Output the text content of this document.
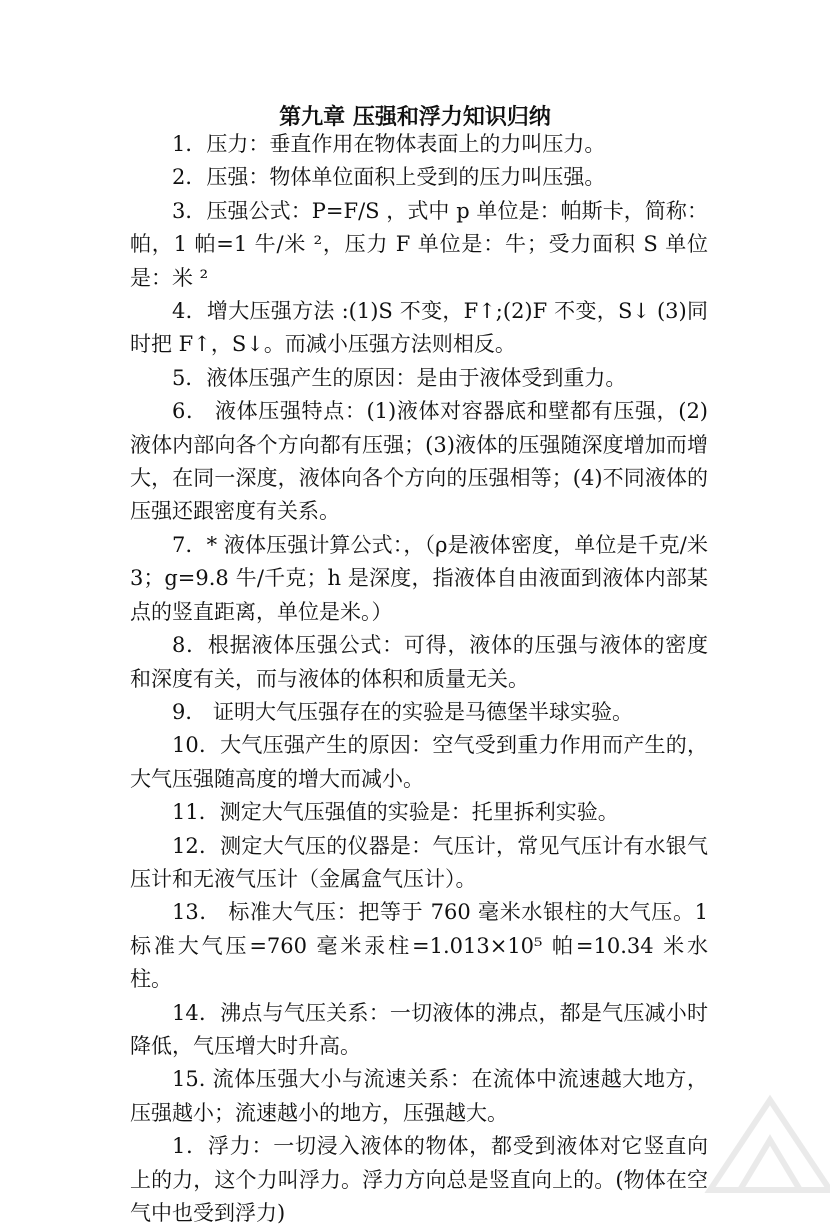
第九章 压强和浮力知识归纳

1．压力：垂直作用在物体表面上的力叫压力。

2．压强：物体单位面积上受到的压力叫压强。

3．压强公式：P=F/S ，式中 p 单位是：帕斯卡，简称：帕，1 帕=1 牛/米 ²，压力 F 单位是：牛；受力面积 S 单位是：米 ²

4．增大压强方法 :(1)S 不变，F↑;(2)F 不变，S↓ (3)同时把 F↑，S↓。而减小压强方法则相反。

5．液体压强产生的原因：是由于液体受到重力。

6． 液体压强特点：(1)液体对容器底和壁都有压强，(2)液体内部向各个方向都有压强；(3)液体的压强随深度增加而增大，在同一深度，液体向各个方向的压强相等；(4)不同液体的压强还跟密度有关系。

7．* 液体压强计算公式：，（ρ是液体密度，单位是千克/米 3；g=9.8 牛/千克；h 是深度，指液体自由液面到液体内部某点的竖直距离，单位是米。）

8．根据液体压强公式：可得，液体的压强与液体的密度和深度有关，而与液体的体积和质量无关。

9． 证明大气压强存在的实验是马德堡半球实验。

10．大气压强产生的原因：空气受到重力作用而产生的，大气压强随高度的增大而减小。

11．测定大气压强值的实验是：托里拆利实验。

12．测定大气压的仪器是：气压计，常见气压计有水银气压计和无液气压计（金属盒气压计）。

13． 标准大气压：把等于 760 毫米水银柱的大气压。1 标准大气压=760 毫米汞柱=1.013×10⁵ 帕=10.34 米水柱。

14．沸点与气压关系：一切液体的沸点，都是气压减小时降低，气压增大时升高。

15. 流体压强大小与流速关系：在流体中流速越大地方，压强越小；流速越小的地方，压强越大。

1．浮力：一切浸入液体的物体，都受到液体对它竖直向上的力，这个力叫浮力。浮力方向总是竖直向上的。(物体在空气中也受到浮力)
